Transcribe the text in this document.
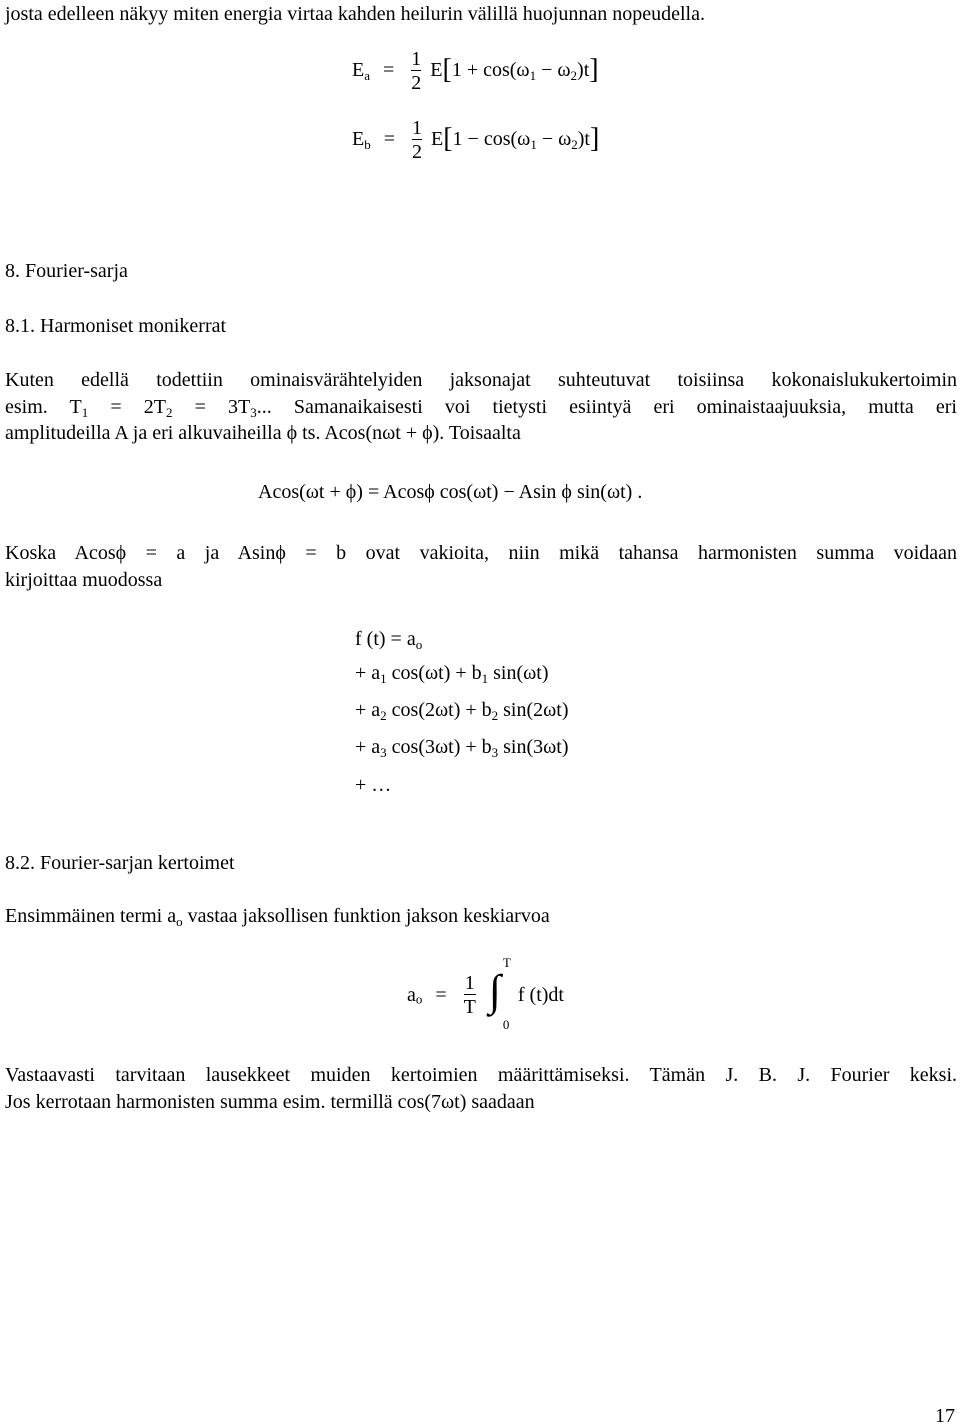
josta edelleen näkyy miten energia virtaa kahden heilurin välillä huojunnan nopeudella.

$E_a = \frac{1}{2} E[1 + \cos(\omega_1 - \omega_2)t]$
$E_b = \frac{1}{2} E[1 - \cos(\omega_1 - \omega_2)t]$
8. Fourier-sarja
8.1. Harmoniset monikerrat
Kuten edellä todettiin ominaisvärähtelyiden jaksonajat suhteutuvat toisiinsa kokonaislukukertoimin
esim. $T_1 = 2T_2 = 3T_3$... Samanaikaisesti voi tietysti esiintyä eri ominaistaajuuksia, mutta eri
amplitudeilla A ja eri alkuvaiheilla ϕ ts. Acos(nωt + ϕ). Toisaalta
Acos(ωt + ϕ) = Acosϕ cos(ωt) − Asin ϕ sin(ωt) .
Koska Acosϕ = a ja Asinϕ = b ovat vakioita, niin mikä tahansa harmonisten summa voidaan
kirjoittaa muodossa
f $(t) = a_o$
+ $a_1$ $\cos(\omega t) + b_1$ sin(ωt)
+ $a_2$ $\cos(2\omega t) + b_2$ sin(2ωt)
+ $a_3$ $\cos(3\omega t) + b_3$ sin(3ωt)
+ …
8.2. Fourier-sarjan kertoimet

Ensimmäinen termi $a_o$ vastaa jaksollisen funktion jakson keskiarvoa

$a_o = \frac{1}{T}$
∫
T
0
f (t)dt
Vastaavasti tarvitaan lausekkeet muiden kertoimien määrittämiseksi. Tämän J. B. J. Fourier keksi.
Jos kerrotaan harmonisten summa esim. termillä cos(7ωt) saadaan
17
